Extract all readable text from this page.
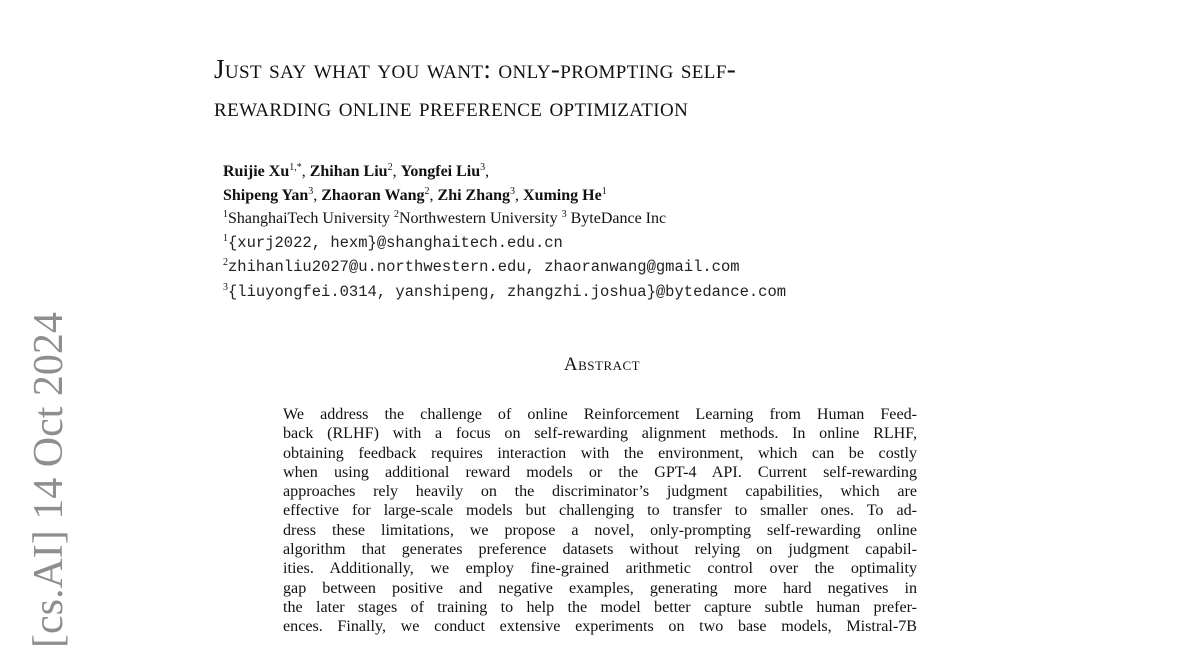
[cs.AI] 14 Oct 2024
Just say what you want: only-prompting self-
rewarding online preference optimization
Ruijie $Xu^{1,*}$, Zhihan Liu$^2$, Yongfei Liu$^3$,
Shipeng Yan$^3$, Zhaoran Wang$^2$, Zhi Zhang$^3$, Xuming He$^1$
$^1$ShanghaiTech University $^2$Northwestern University $^3$ ByteDance Inc
$^1${xurj2022, hexm}@shanghaitech.edu.cn
$^2$zhihanliu2027@u.northwestern.edu, zhaoranwang@gmail.com
$^3${liuyongfei.0314, yanshipeng, zhangzhi.joshua}@bytedance.com
Abstract
We address the challenge of online Reinforcement Learning from Human Feed-
back (RLHF) with a focus on self-rewarding alignment methods. In online RLHF,
obtaining feedback requires interaction with the environment, which can be costly
when using additional reward models or the GPT-4 API. Current self-rewarding
approaches rely heavily on the discriminator’s judgment capabilities, which are
effective for large-scale models but challenging to transfer to smaller ones. To ad-
dress these limitations, we propose a novel, only-prompting self-rewarding online
algorithm that generates preference datasets without relying on judgment capabil-
ities. Additionally, we employ fine-grained arithmetic control over the optimality
gap between positive and negative examples, generating more hard negatives in
the later stages of training to help the model better capture subtle human prefer-
ences. Finally, we conduct extensive experiments on two base models, Mistral-7B
